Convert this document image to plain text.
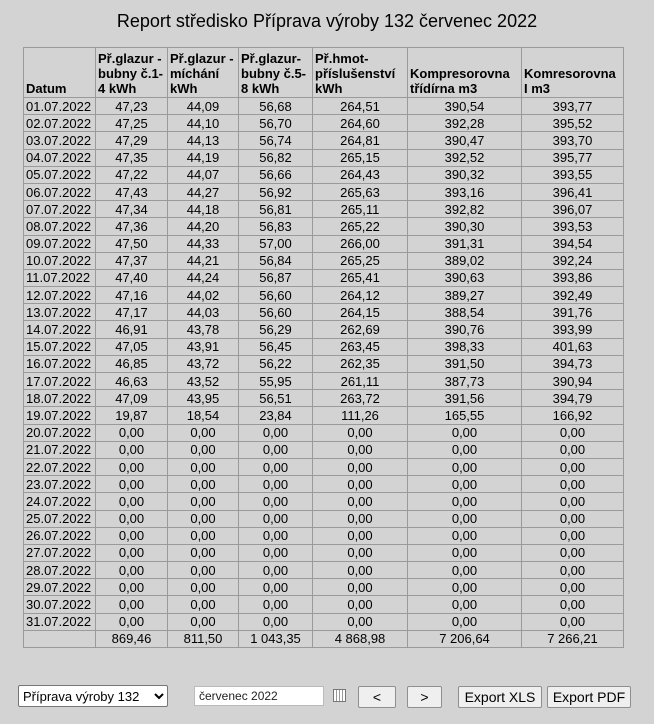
Report středisko Příprava výroby 132 červenec 2022
Datum	Př.glazur - bubny č.1-4 kWh	Př.glazur - míchání kWh	Př.glazur-bubny č.5-8 kWh	Př.hmot-příslušenství kWh	Kompresorovna třídírna m3	Komresorovna I m3
01.07.2022	47,23	44,09	56,68	264,51	390,54	393,77
02.07.2022	47,25	44,10	56,70	264,60	392,28	395,52
03.07.2022	47,29	44,13	56,74	264,81	390,47	393,70
04.07.2022	47,35	44,19	56,82	265,15	392,52	395,77
05.07.2022	47,22	44,07	56,66	264,43	390,32	393,55
06.07.2022	47,43	44,27	56,92	265,63	393,16	396,41
07.07.2022	47,34	44,18	56,81	265,11	392,82	396,07
08.07.2022	47,36	44,20	56,83	265,22	390,30	393,53
09.07.2022	47,50	44,33	57,00	266,00	391,31	394,54
10.07.2022	47,37	44,21	56,84	265,25	389,02	392,24
11.07.2022	47,40	44,24	56,87	265,41	390,63	393,86
12.07.2022	47,16	44,02	56,60	264,12	389,27	392,49
13.07.2022	47,17	44,03	56,60	264,15	388,54	391,76
14.07.2022	46,91	43,78	56,29	262,69	390,76	393,99
15.07.2022	47,05	43,91	56,45	263,45	398,33	401,63
16.07.2022	46,85	43,72	56,22	262,35	391,50	394,73
17.07.2022	46,63	43,52	55,95	261,11	387,73	390,94
18.07.2022	47,09	43,95	56,51	263,72	391,56	394,79
19.07.2022	19,87	18,54	23,84	111,26	165,55	166,92
20.07.2022	0,00	0,00	0,00	0,00	0,00	0,00
21.07.2022	0,00	0,00	0,00	0,00	0,00	0,00
22.07.2022	0,00	0,00	0,00	0,00	0,00	0,00
23.07.2022	0,00	0,00	0,00	0,00	0,00	0,00
24.07.2022	0,00	0,00	0,00	0,00	0,00	0,00
25.07.2022	0,00	0,00	0,00	0,00	0,00	0,00
26.07.2022	0,00	0,00	0,00	0,00	0,00	0,00
27.07.2022	0,00	0,00	0,00	0,00	0,00	0,00
28.07.2022	0,00	0,00	0,00	0,00	0,00	0,00
29.07.2022	0,00	0,00	0,00	0,00	0,00	0,00
30.07.2022	0,00	0,00	0,00	0,00	0,00	0,00
31.07.2022	0,00	0,00	0,00	0,00	0,00	0,00
	869,46	811,50	1 043,35	4 868,98	7 206,64	7 266,21
Příprava výroby 132
červenec 2022
<	>	Export XLS	Export PDF
